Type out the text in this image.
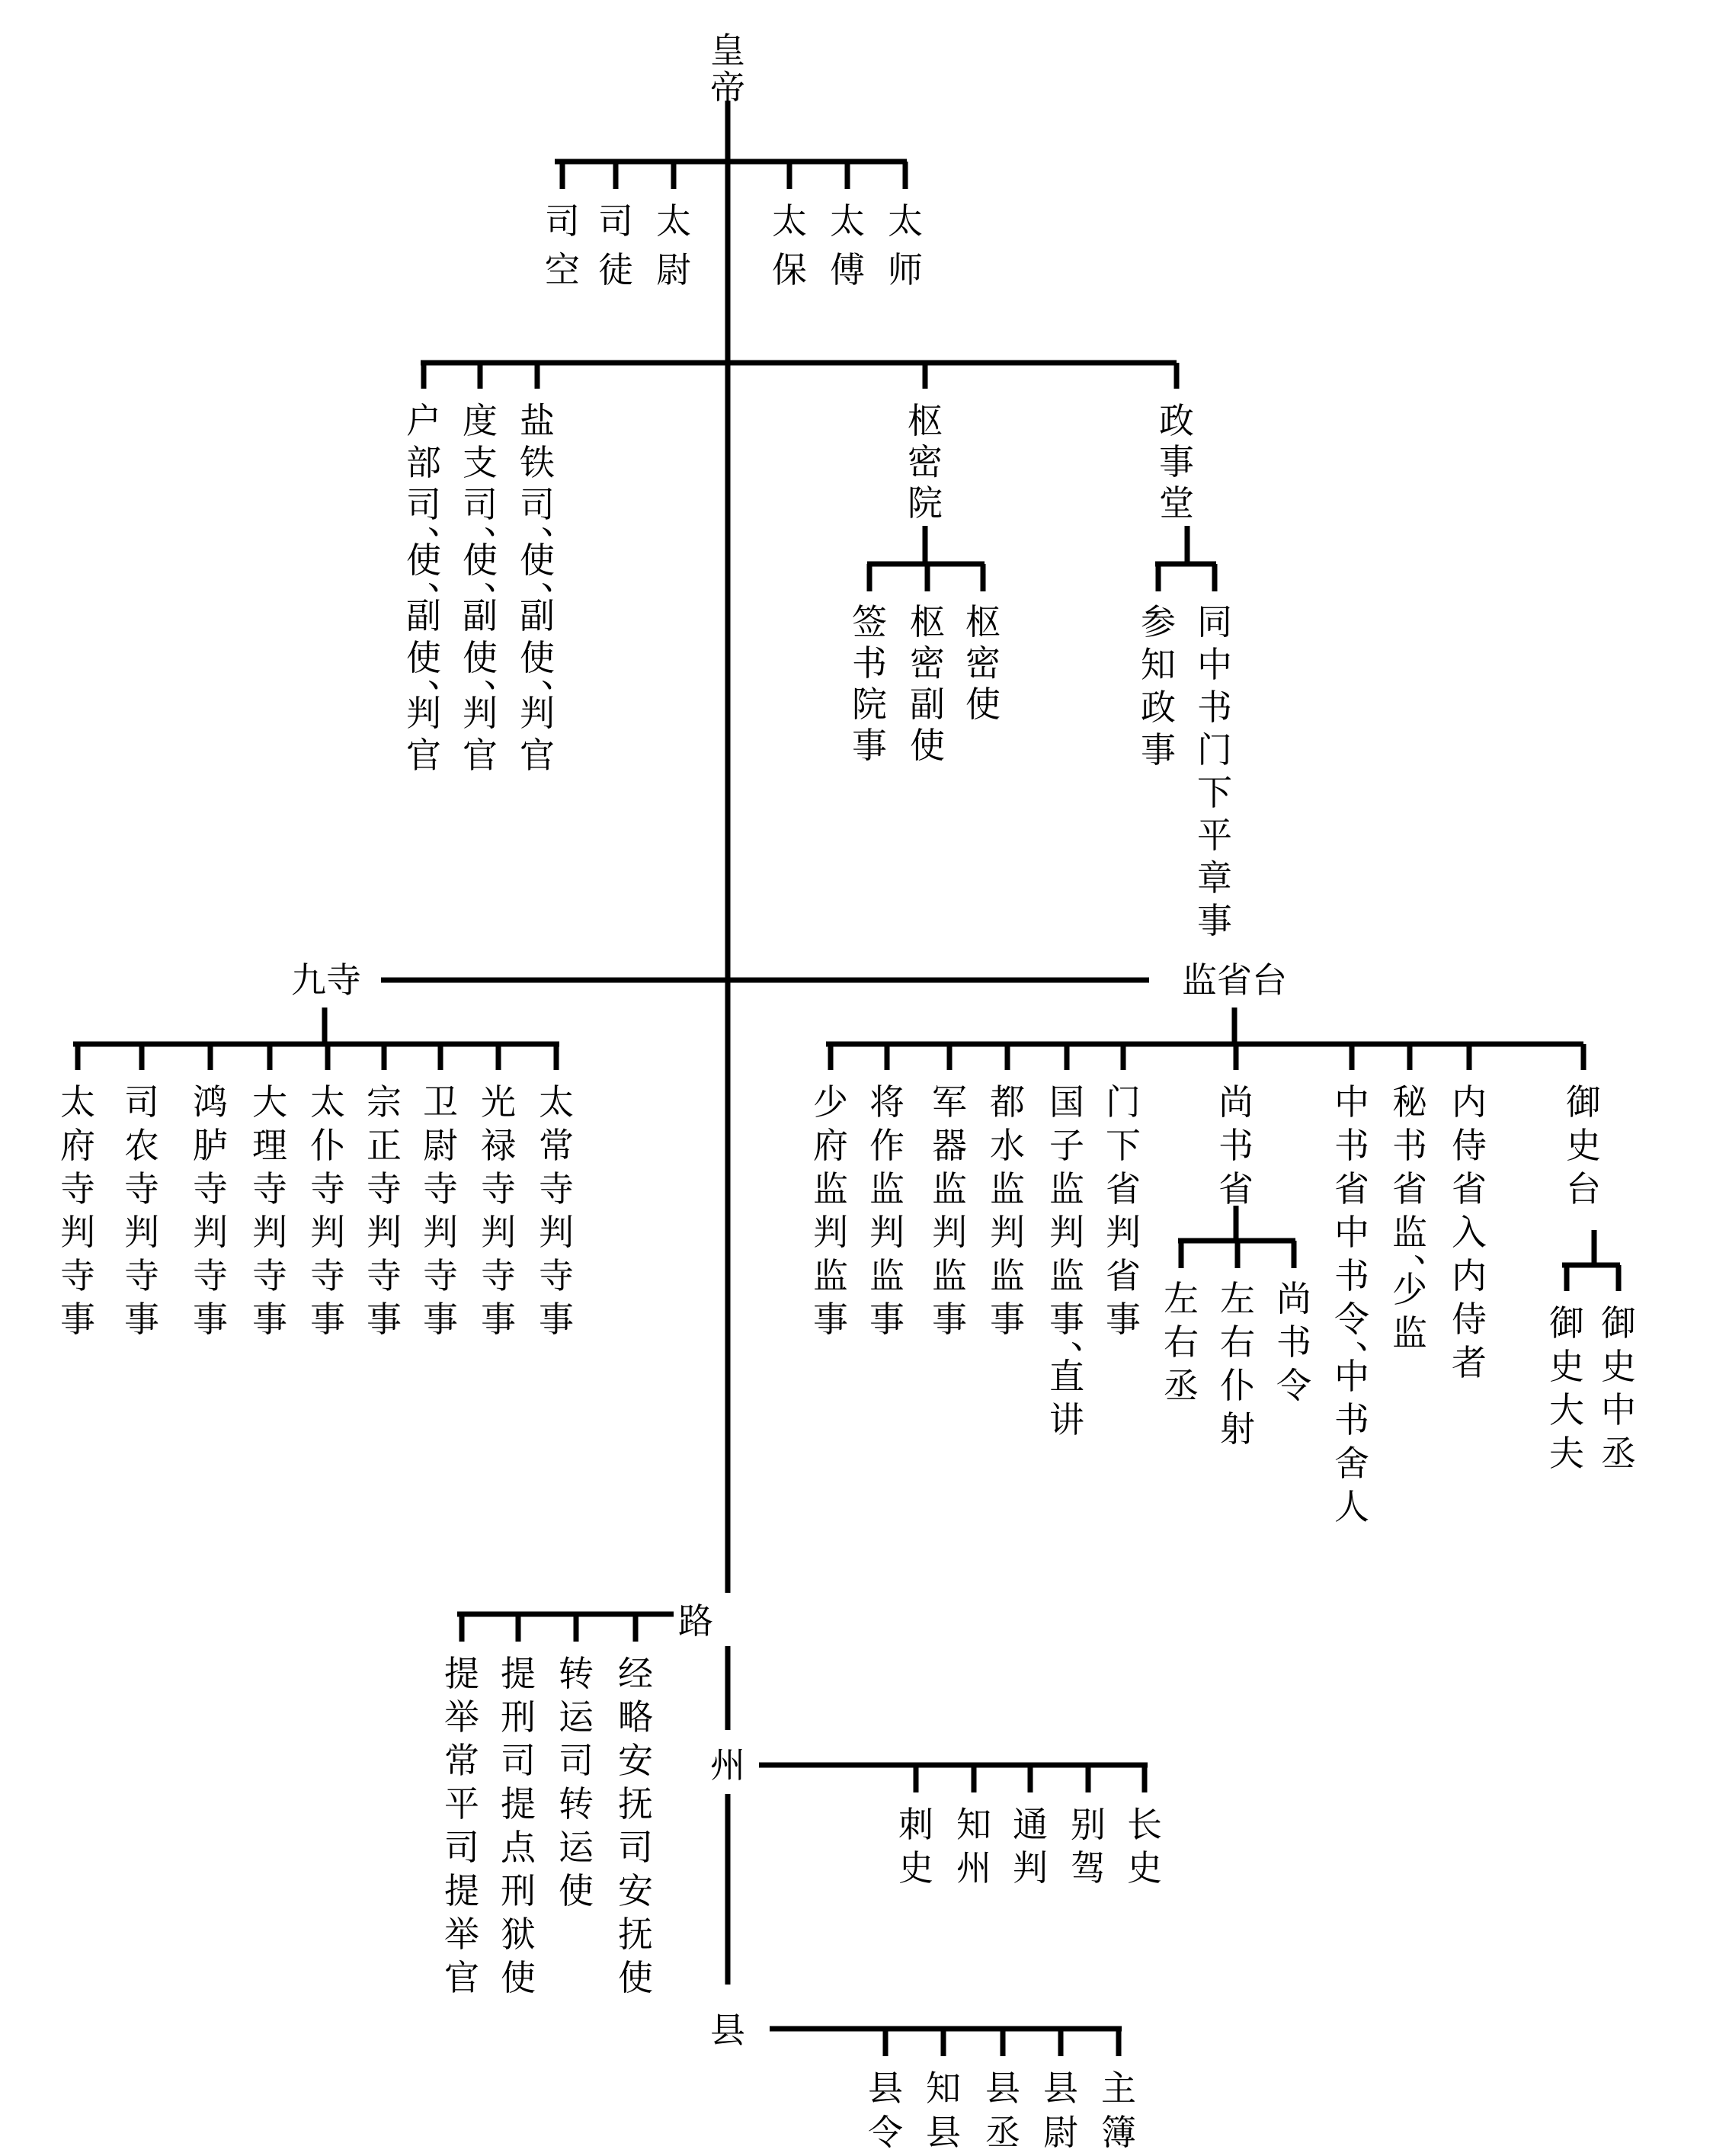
皇帝
司空
司徒
太尉
太保
太傅
太师
户部司、使、副使、判官
度支司、使、副使、判官
盐铁司、使、副使、判官
枢密院
签书院事
枢密副使
枢密使
政事堂
参知政事
同中书门下平章事
九寺	监省台
太府寺判寺事
司农寺判寺事
鸿胪寺判寺事
大理寺判寺事
太仆寺判寺事
宗正寺判寺事
卫尉寺判寺事
光禄寺判寺事
太常寺判寺事
少府监判监事
将作监判监事
军器监判监事
都水监判监事
国子监判监事、直讲
门下省判省事
尚书省
左右丞
左右仆射
尚书令
中书省中书令、中书舍人
秘书省监、少监
内侍省入内侍者
御史台
御史大夫
御史中丞
路
提举常平司提举官
提刑司提点刑狱使
转运司转运使
经略安抚司安抚使
州
刺史
知州
通判
别驾
长史
县
县令
知县
县丞
县尉
主簿
